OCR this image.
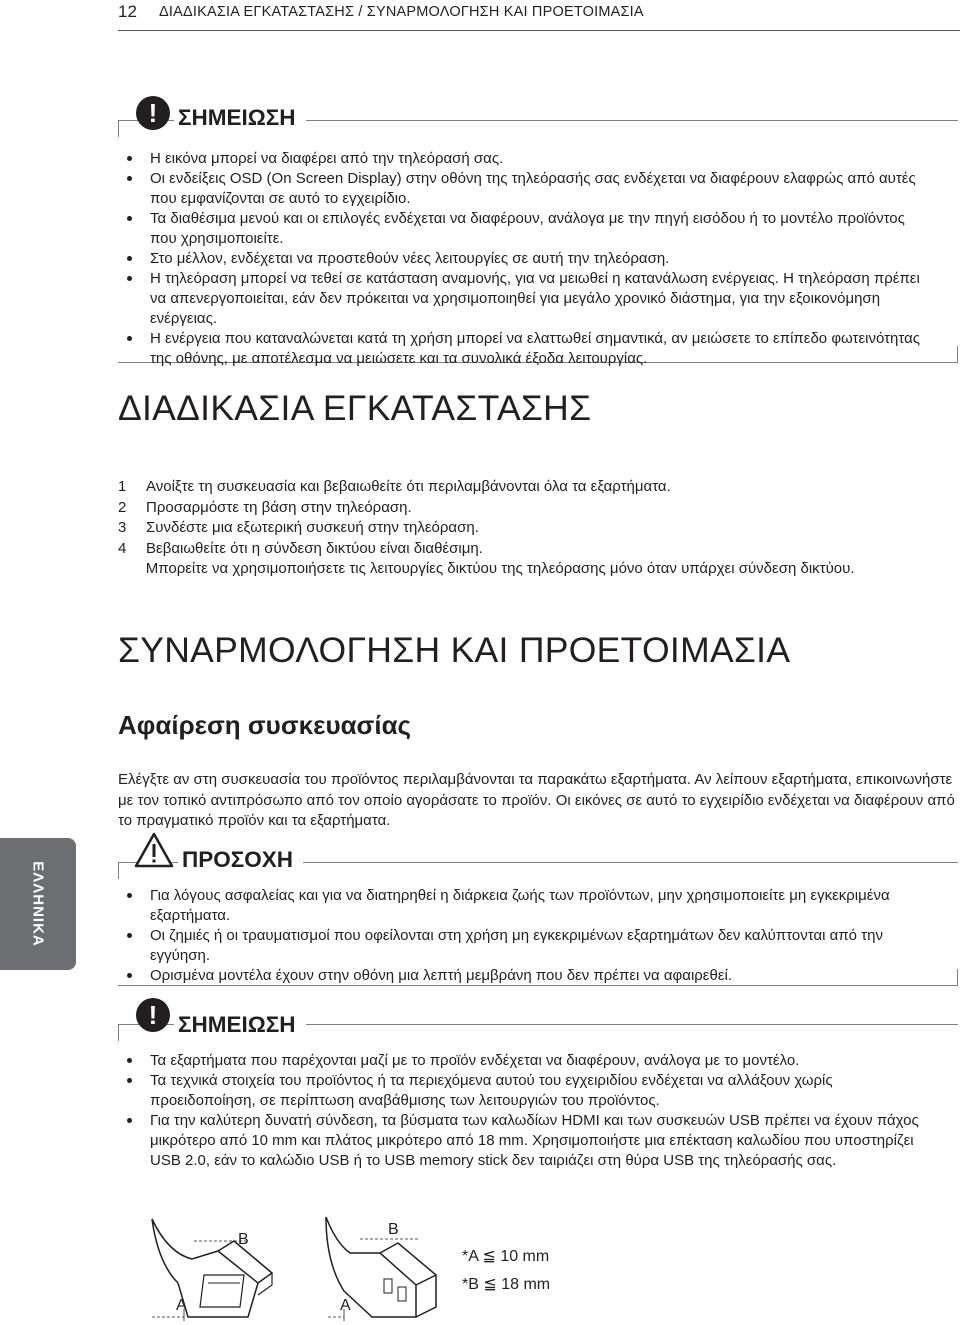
12 ΔΙΑΔΙΚΑΣΙΑ ΕΓΚΑΤΑΣΤΑΣΗΣ / ΣΥΝΑΡΜΟΛΟΓΗΣΗ ΚΑΙ ΠΡΟΕΤΟΙΜΑΣΙΑ
! ΣΗΜΕΙΩΣΗ
Η εικόνα μπορεί να διαφέρει από την τηλεόρασή σας.
Οι ενδείξεις OSD (On Screen Display) στην οθόνη της τηλεόρασής σας ενδέχεται να διαφέρουν ελαφρώς από αυτές που εμφανίζονται σε αυτό το εγχειρίδιο.
Τα διαθέσιμα μενού και οι επιλογές ενδέχεται να διαφέρουν, ανάλογα με την πηγή εισόδου ή το μοντέλο προϊόντος που χρησιμοποιείτε.
Στο μέλλον, ενδέχεται να προστεθούν νέες λειτουργίες σε αυτή την τηλεόραση.
Η τηλεόραση μπορεί να τεθεί σε κατάσταση αναμονής, για να μειωθεί η κατανάλωση ενέργειας. Η τηλεόραση πρέπει να απενεργοποιείται, εάν δεν πρόκειται να χρησιμοποιηθεί για μεγάλο χρονικό διάστημα, για την εξοικονόμηση ενέργειας.
Η ενέργεια που καταναλώνεται κατά τη χρήση μπορεί να ελαττωθεί σημαντικά, αν μειώσετε το επίπεδο φωτεινότητας της οθόνης, με αποτέλεσμα να μειώσετε και τα συνολικά έξοδα λειτουργίας.
ΔΙΑΔΙΚΑΣΙΑ ΕΓΚΑΤΑΣΤΑΣΗΣ
1	Ανοίξτε τη συσκευασία και βεβαιωθείτε ότι περιλαμβάνονται όλα τα εξαρτήματα.
2	Προσαρμόστε τη βάση στην τηλεόραση.
3	Συνδέστε μια εξωτερική συσκευή στην τηλεόραση.
4	Βεβαιωθείτε ότι η σύνδεση δικτύου είναι διαθέσιμη.
Μπορείτε να χρησιμοποιήσετε τις λειτουργίες δικτύου της τηλεόρασης μόνο όταν υπάρχει σύνδεση δικτύου.
ΣΥΝΑΡΜΟΛΟΓΗΣΗ ΚΑΙ ΠΡΟΕΤΟΙΜΑΣΙΑ
Αφαίρεση συσκευασίας
Ελέγξτε αν στη συσκευασία του προϊόντος περιλαμβάνονται τα παρακάτω εξαρτήματα. Αν λείπουν εξαρτήματα, επικοινωνήστε με τον τοπικό αντιπρόσωπο από τον οποίο αγοράσατε το προϊόν. Οι εικόνες σε αυτό το εγχειρίδιο ενδέχεται να διαφέρουν από το πραγματικό προϊόν και τα εξαρτήματα.
ΕΛΛΗΝΙΚΑ
ΠΡΟΣΟΧΗ
Για λόγους ασφαλείας και για να διατηρηθεί η διάρκεια ζωής των προϊόντων, μην χρησιμοποιείτε μη εγκεκριμένα εξαρτήματα.
Οι ζημιές ή οι τραυματισμοί που οφείλονται στη χρήση μη εγκεκριμένων εξαρτημάτων δεν καλύπτονται από την εγγύηση.
Ορισμένα μοντέλα έχουν στην οθόνη μια λεπτή μεμβράνη που δεν πρέπει να αφαιρεθεί.
! ΣΗΜΕΙΩΣΗ
Τα εξαρτήματα που παρέχονται μαζί με το προϊόν ενδέχεται να διαφέρουν, ανάλογα με το μοντέλο.
Τα τεχνικά στοιχεία του προϊόντος ή τα περιεχόμενα αυτού του εγχειριδίου ενδέχεται να αλλάξουν χωρίς προειδοποίηση, σε περίπτωση αναβάθμισης των λειτουργιών του προϊόντος.
Για την καλύτερη δυνατή σύνδεση, τα βύσματα των καλωδίων HDMI και των συσκευών USB πρέπει να έχουν πάχος μικρότερο από 10 mm και πλάτος μικρότερο από 18 mm. Χρησιμοποιήστε μια επέκταση καλωδίου που υποστηρίζει USB 2.0, εάν το καλώδιο USB ή το USB memory stick δεν ταιριάζει στη θύρα USB της τηλεόρασής σας.
B
A
B
A
*A ≦ 10 mm
*B ≦ 18 mm
